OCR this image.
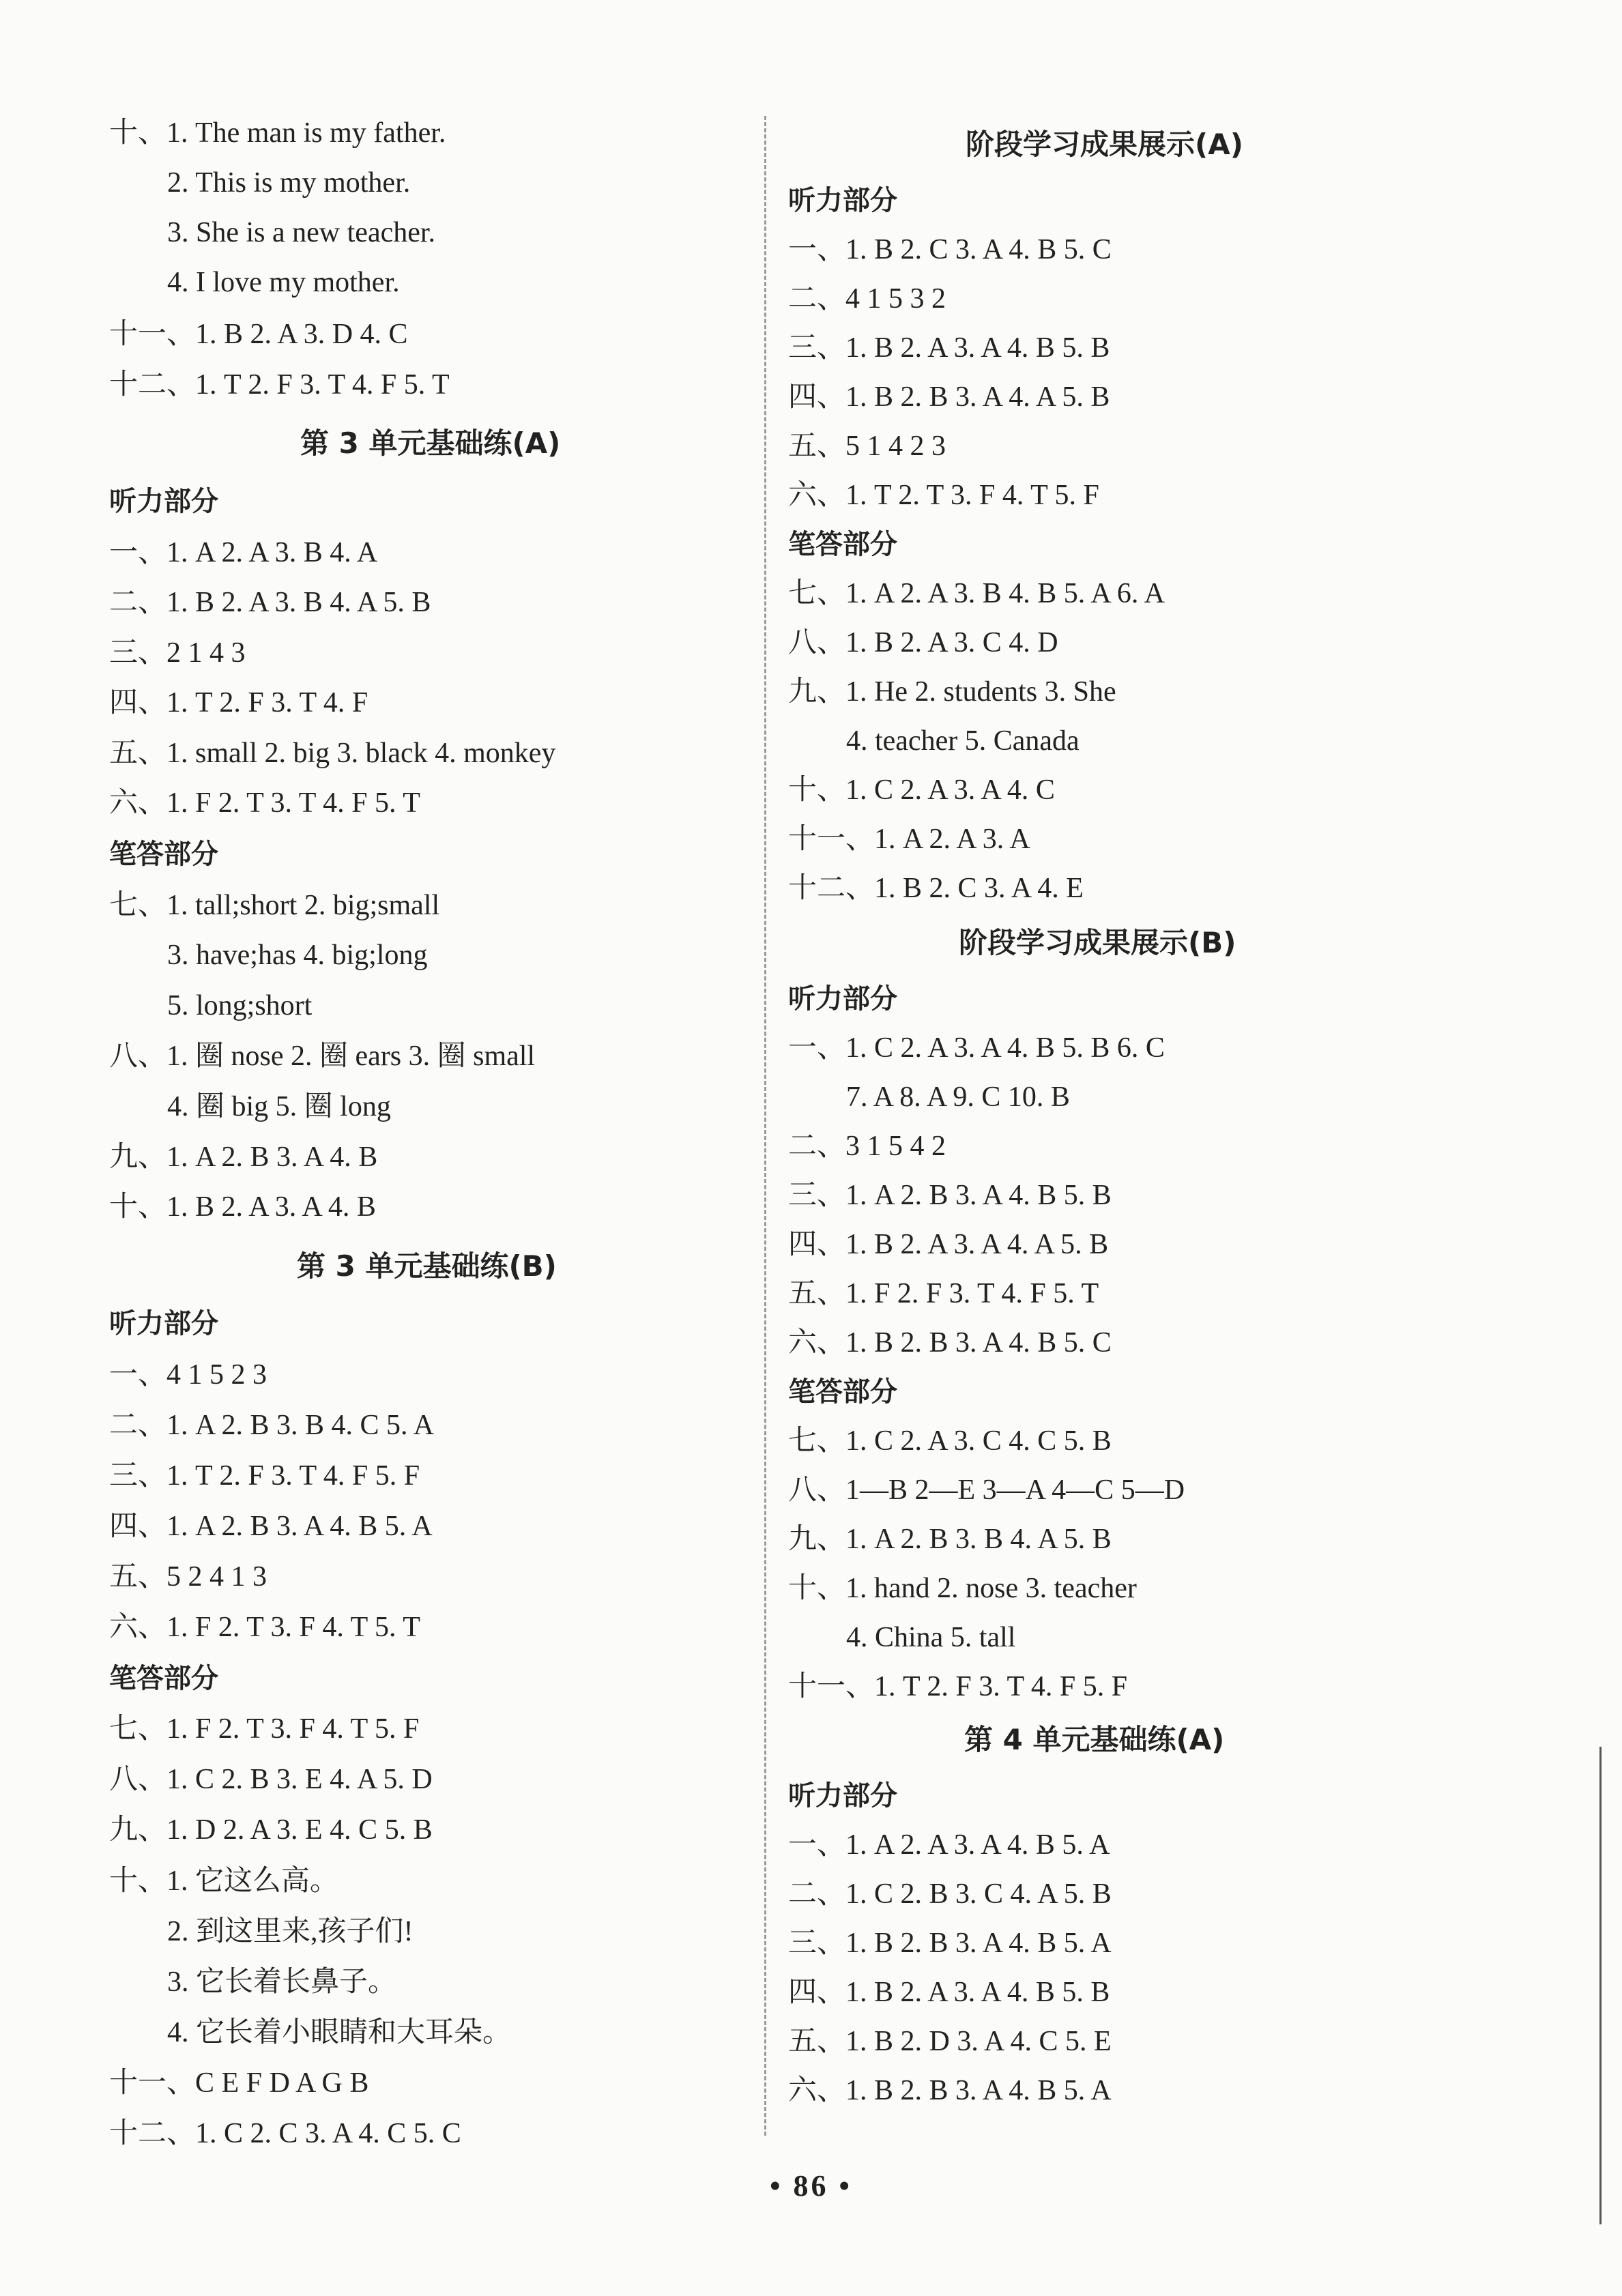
十、1. The man is my father.
2. This is my mother.
3. She is a new teacher.
4. I love my mother.
十一、1. B 2. A 3. D 4. C
十二、1. T 2. F 3. T 4. F 5. T
第 3 单元基础练(A)
听力部分
一、1. A 2. A 3. B 4. A
二、1. B 2. A 3. B 4. A 5. B
三、2 1 4 3
四、1. T 2. F 3. T 4. F
五、1. small 2. big 3. black 4. monkey
六、1. F 2. T 3. T 4. F 5. T
笔答部分
七、1. tall;short 2. big;small
3. have;has 4. big;long
5. long;short
八、1. 圈 nose 2. 圈 ears 3. 圈 small
4. 圈 big 5. 圈 long
九、1. A 2. B 3. A 4. B
十、1. B 2. A 3. A 4. B
第 3 单元基础练(B)
听力部分
一、4 1 5 2 3
二、1. A 2. B 3. B 4. C 5. A
三、1. T 2. F 3. T 4. F 5. F
四、1. A 2. B 3. A 4. B 5. A
五、5 2 4 1 3
六、1. F 2. T 3. F 4. T 5. T
笔答部分
七、1. F 2. T 3. F 4. T 5. F
八、1. C 2. B 3. E 4. A 5. D
九、1. D 2. A 3. E 4. C 5. B
十、1. 它这么高。
2. 到这里来,孩子们!
3. 它长着长鼻子。
4. 它长着小眼睛和大耳朵。
十一、C E F D A G B
十二、1. C 2. C 3. A 4. C 5. C
阶段学习成果展示(A)
听力部分
一、1. B 2. C 3. A 4. B 5. C
二、4 1 5 3 2
三、1. B 2. A 3. A 4. B 5. B
四、1. B 2. B 3. A 4. A 5. B
五、5 1 4 2 3
六、1. T 2. T 3. F 4. T 5. F
笔答部分
七、1. A 2. A 3. B 4. B 5. A 6. A
八、1. B 2. A 3. C 4. D
九、1. He 2. students 3. She
4. teacher 5. Canada
十、1. C 2. A 3. A 4. C
十一、1. A 2. A 3. A
十二、1. B 2. C 3. A 4. E
阶段学习成果展示(B)
听力部分
一、1. C 2. A 3. A 4. B 5. B 6. C
7. A 8. A 9. C 10. B
二、3 1 5 4 2
三、1. A 2. B 3. A 4. B 5. B
四、1. B 2. A 3. A 4. A 5. B
五、1. F 2. F 3. T 4. F 5. T
六、1. B 2. B 3. A 4. B 5. C
笔答部分
七、1. C 2. A 3. C 4. C 5. B
八、1—B 2—E 3—A 4—C 5—D
九、1. A 2. B 3. B 4. A 5. B
十、1. hand 2. nose 3. teacher
4. China 5. tall
十一、1. T 2. F 3. T 4. F 5. F
第 4 单元基础练(A)
听力部分
一、1. A 2. A 3. A 4. B 5. A
二、1. C 2. B 3. C 4. A 5. B
三、1. B 2. B 3. A 4. B 5. A
四、1. B 2. A 3. A 4. B 5. B
五、1. B 2. D 3. A 4. C 5. E
六、1. B 2. B 3. A 4. B 5. A
• 86 •
